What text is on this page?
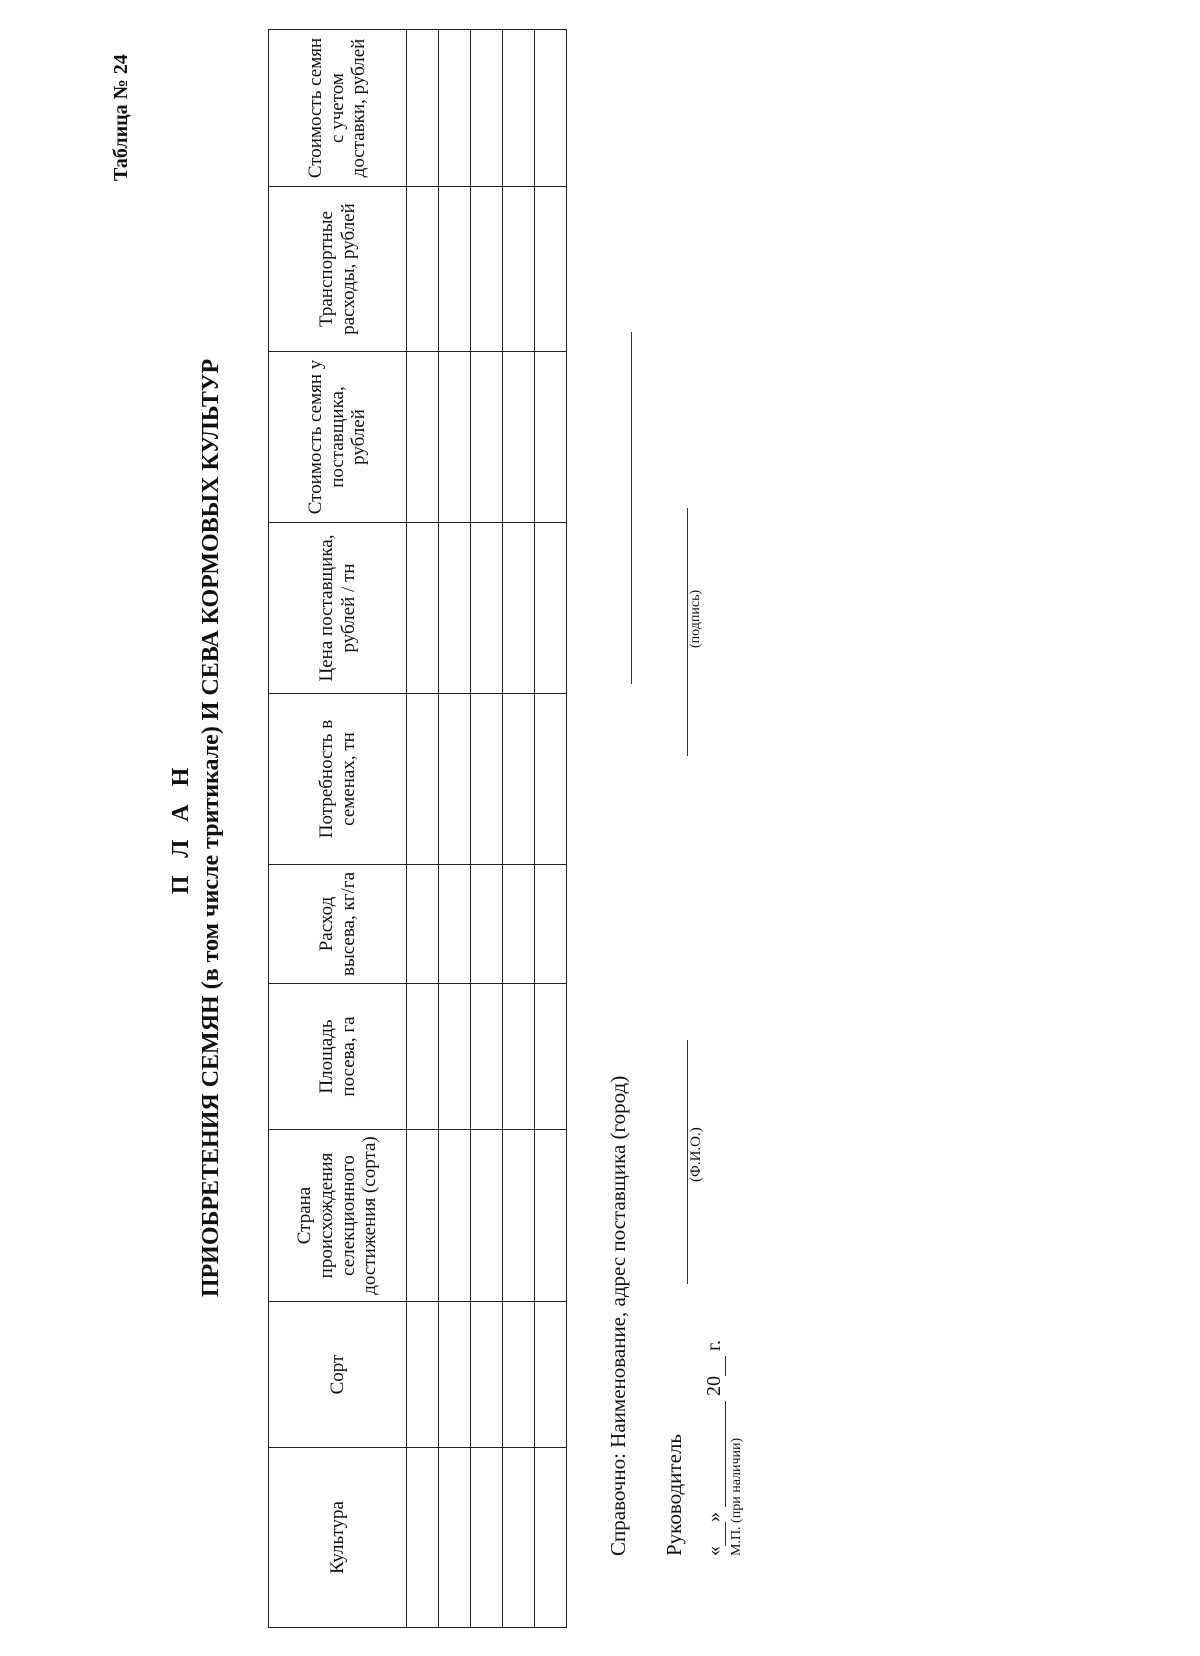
Таблица № 24
П Л А Н ПРИОБРЕТЕНИЯ СЕМЯН (в том числе тритикале) И СЕВА КОРМОВЫХ КУЛЬТУР
Культура	Сорт	Страна происхождения селекционного достижения (сорта)	Площадь посева, га	Расход высева, кг/га	Потребность в семенах, тн	Цена поставщика, рублей / тн	Стоимость семян у поставщика, рублей	Транспортные расходы, рублей	Стоимость семян с учетом доставки, рублей

Справочно: Наименование, адрес поставщика (город) Руководитель
(Ф.И.О.)
(подпись)
«»  20 г.
М.П. (при наличии)
